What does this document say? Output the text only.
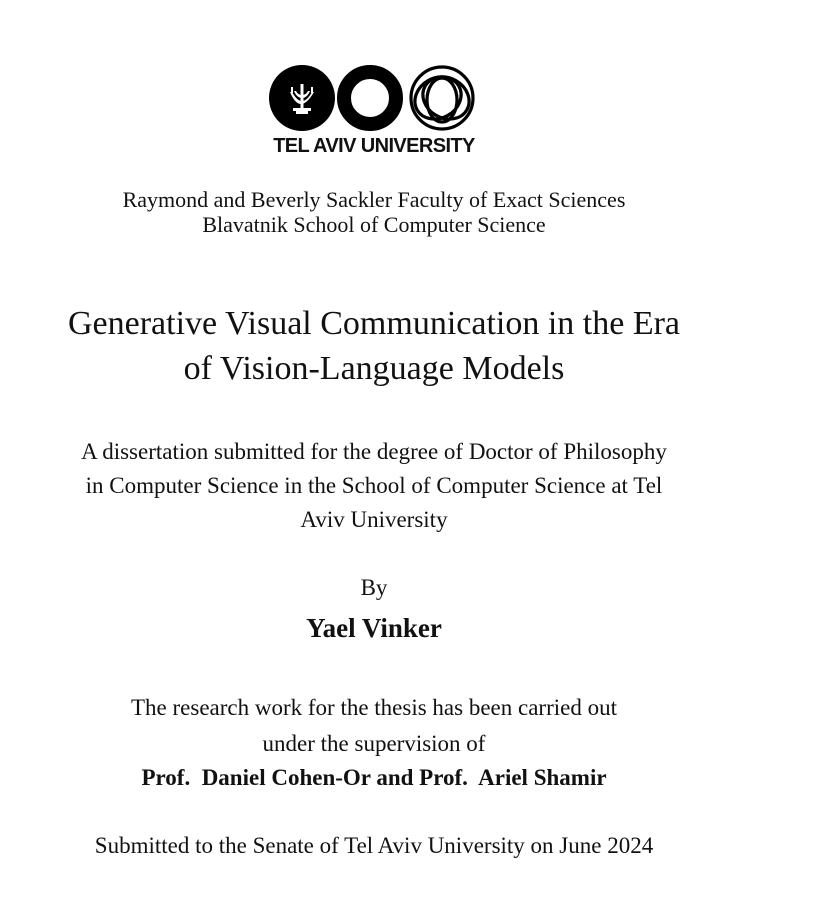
TEL AVIV UNIVERSITY
Raymond and Beverly Sackler Faculty of Exact Sciences
Blavatnik School of Computer Science
Generative Visual Communication in the Era
of Vision-Language Models
A dissertation submitted for the degree of Doctor of Philosophy
in Computer Science in the School of Computer Science at Tel
Aviv University
By
Yael Vinker
The research work for the thesis has been carried out
under the supervision of
Prof.  Daniel Cohen-Or and Prof.  Ariel Shamir
Submitted to the Senate of Tel Aviv University on June 2024
